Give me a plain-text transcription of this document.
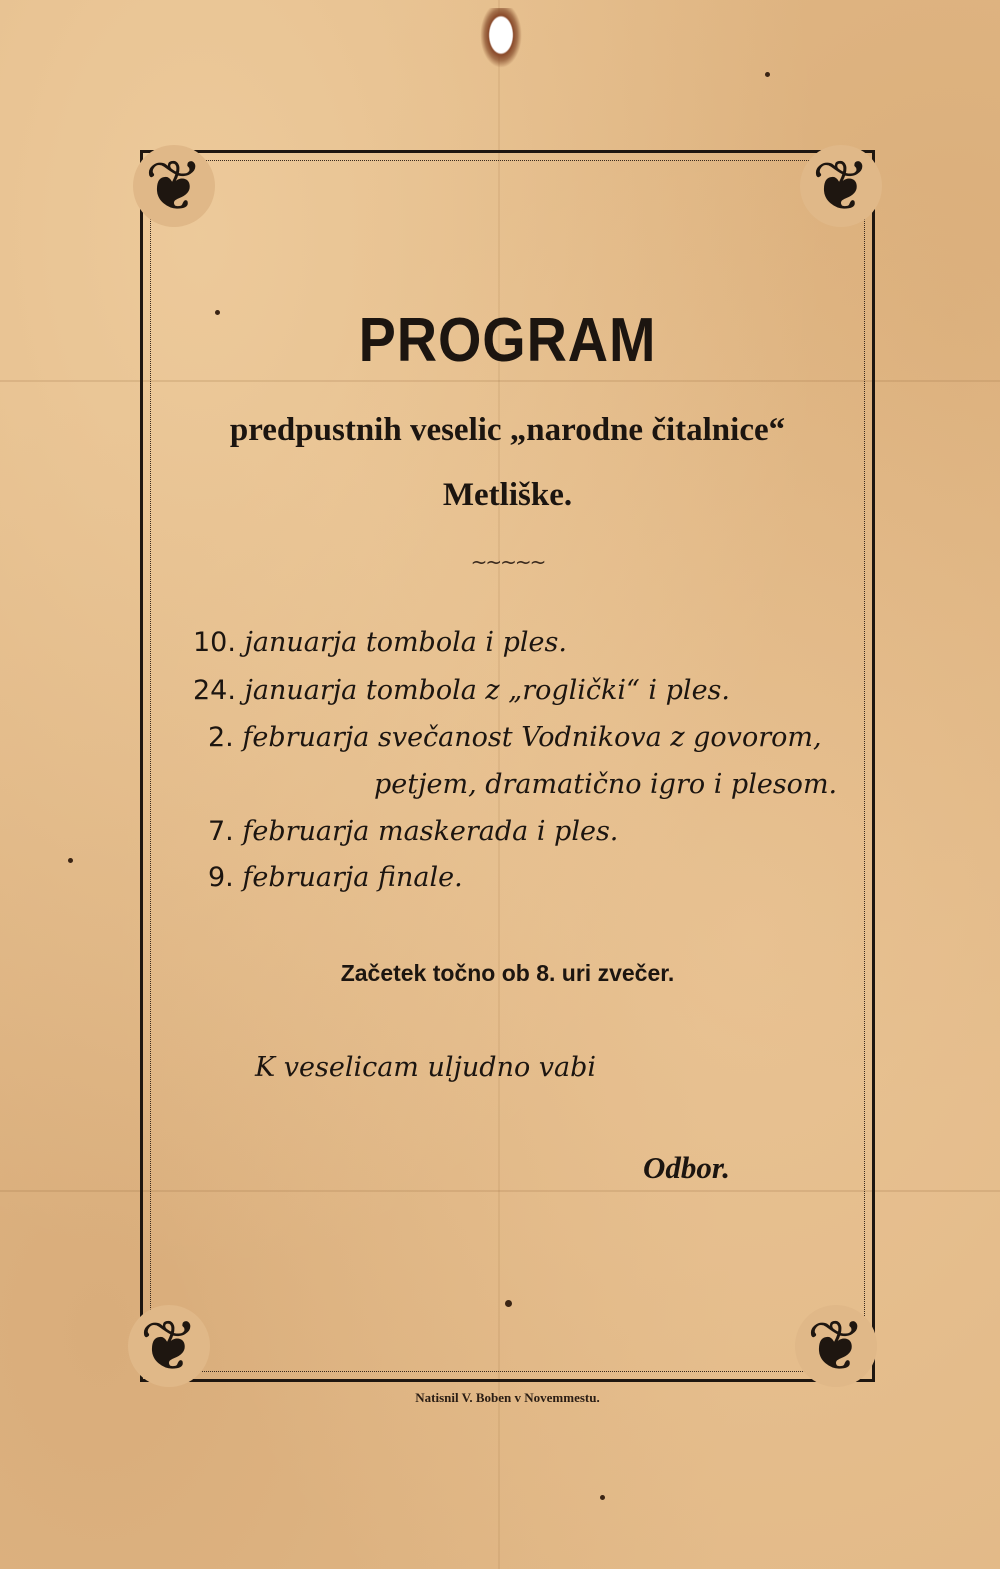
❦	❦
❦	❦
PROGRAM
predpustnih veselic „narodne čitalnice“
Metliške.
~~~~~
10. januarja tombola i ples.
24. januarja tombola z „roglički“ i ples.
2. februarja svečanost Vodnikova z govorom,
petjem, dramatično igro i plesom.
7. februarja maskerada i ples.
9. februarja finale.
Začetek točno ob 8. uri zvečer.
K veselicam uljudno vabi
Odbor.
Natisnil V. Boben v Novemmestu.
